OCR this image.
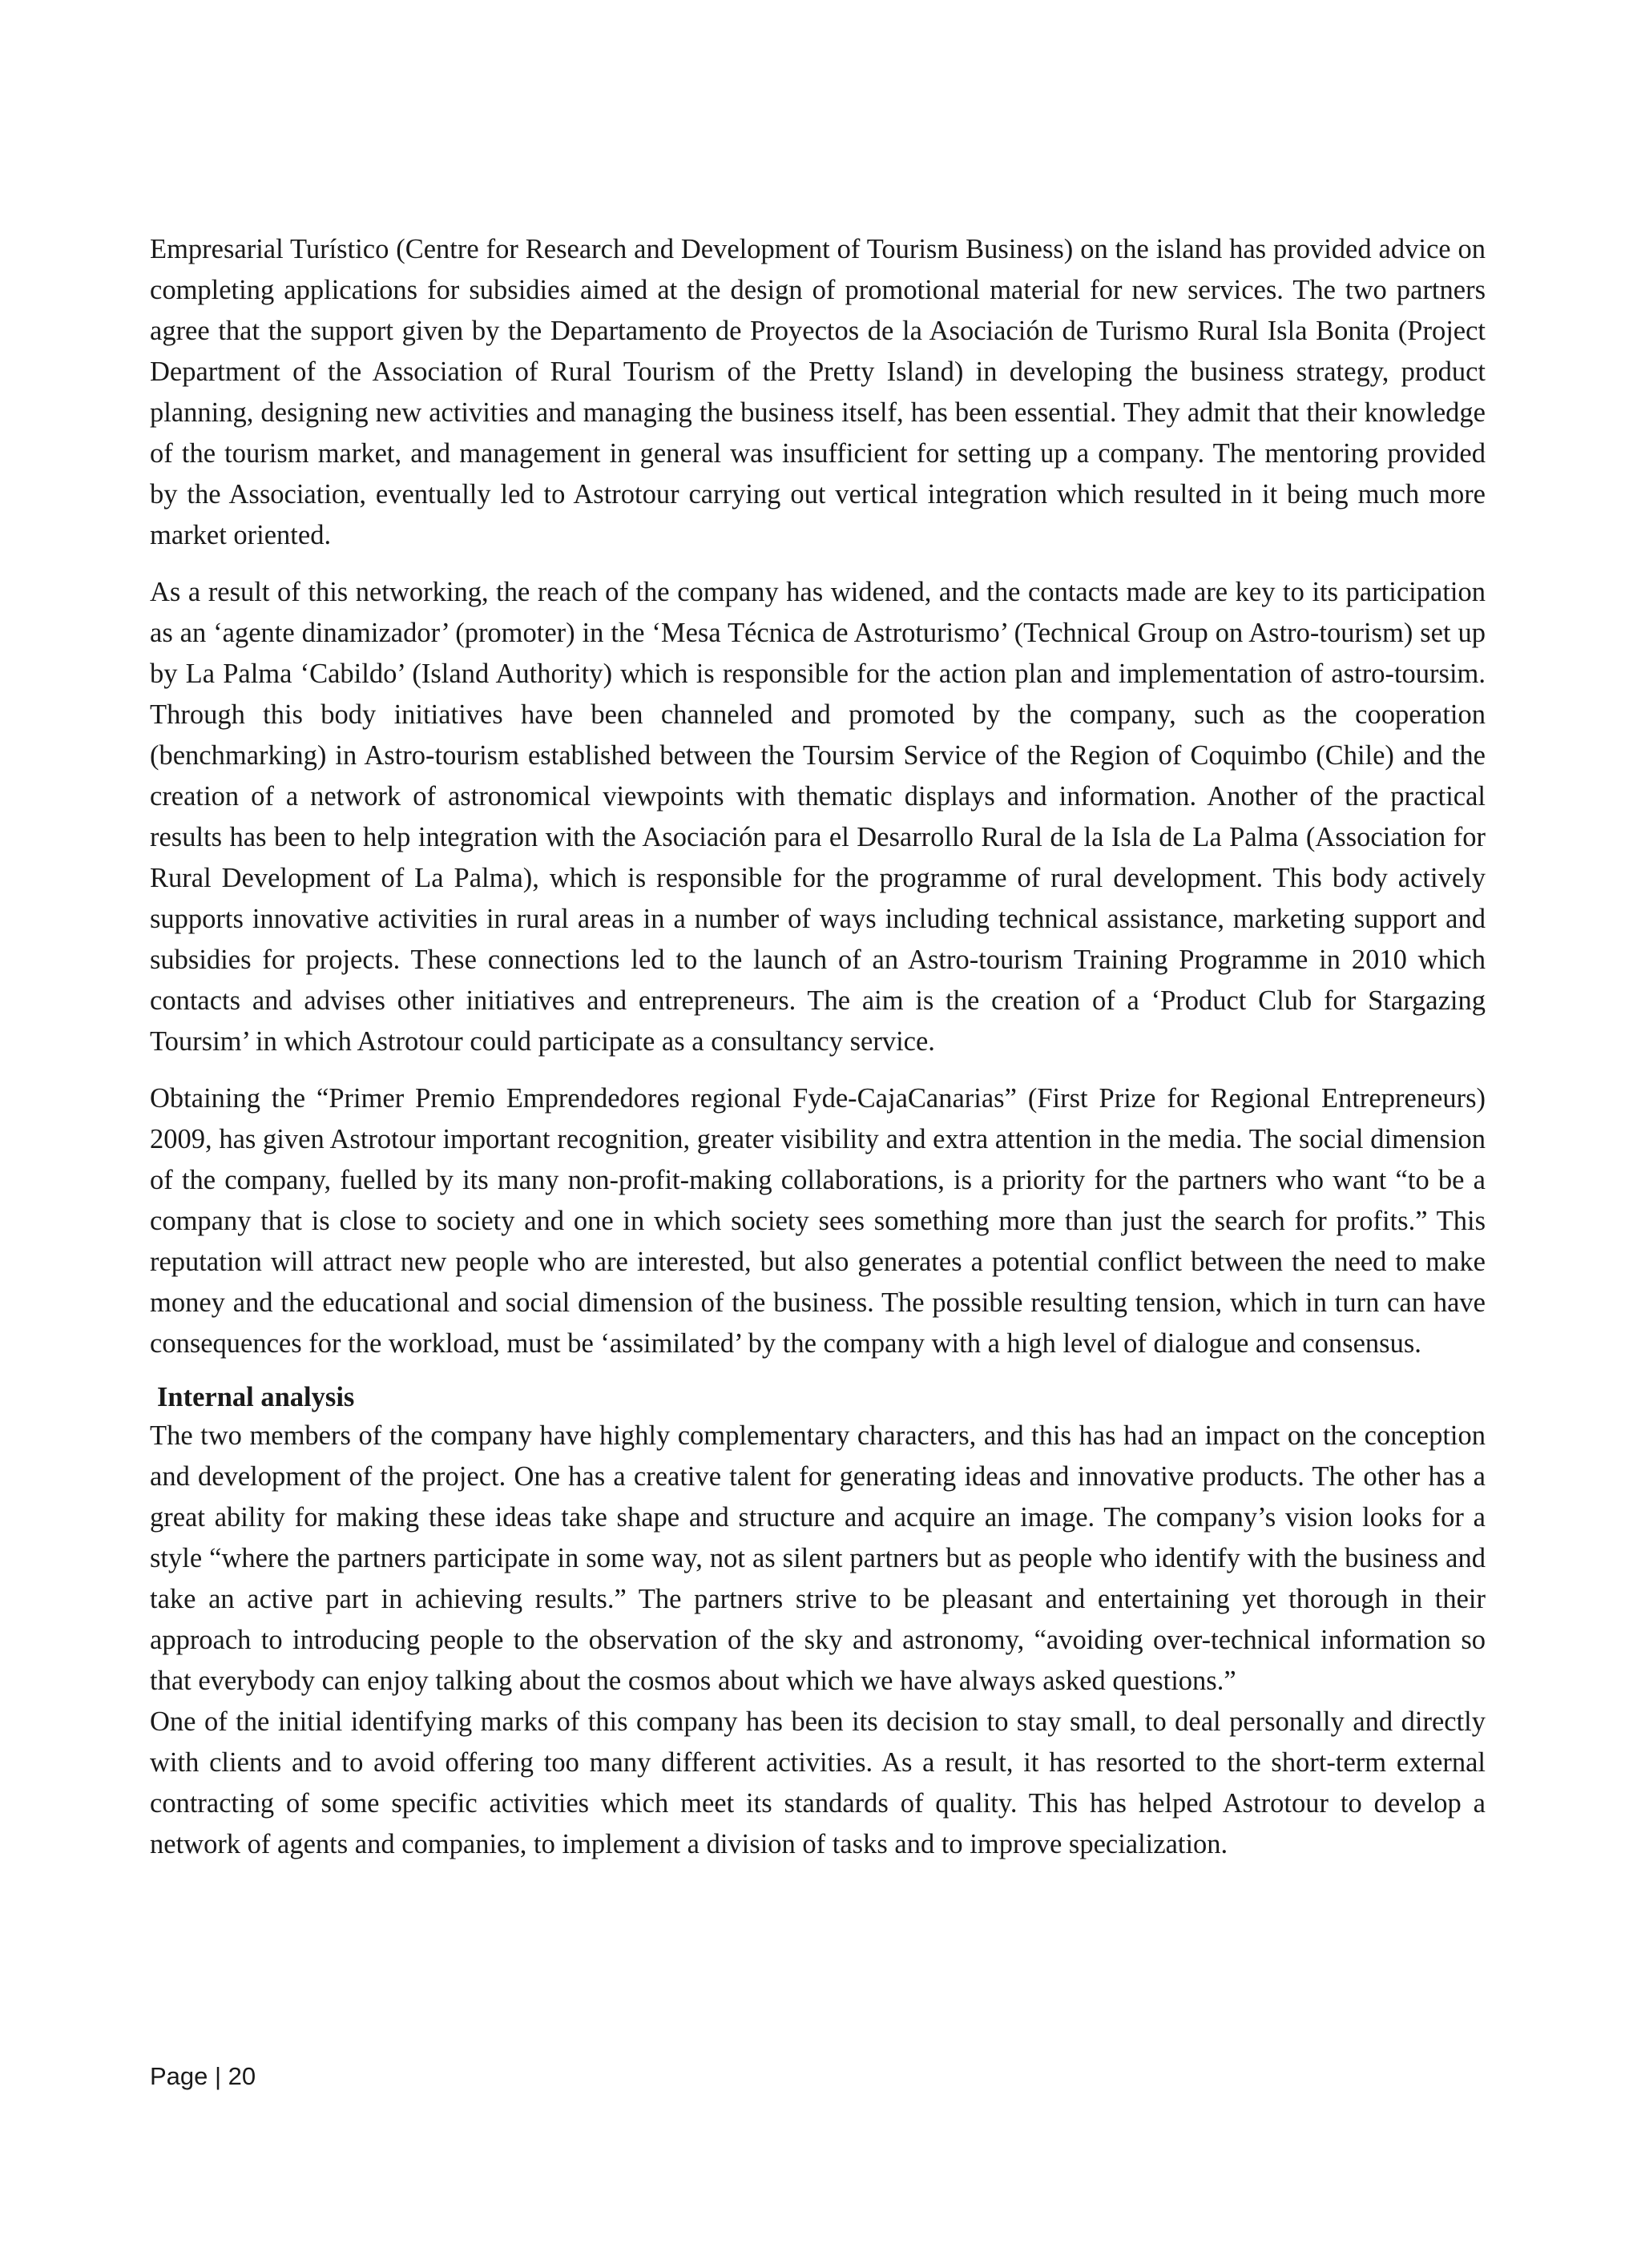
Empresarial Turístico (Centre for Research and Development of Tourism Business) on the island has provided advice on completing applications for subsidies aimed at the design of promotional material for new services. The two partners agree that the support given by the Departamento de Proyectos de la Asociación de Turismo Rural Isla Bonita (Project Department of the Association of Rural Tourism of the Pretty Island) in developing the business strategy, product planning, designing new activities and managing the business itself, has been essential. They admit that their knowledge of the tourism market, and management in general was insufficient for setting up a company. The mentoring provided by the Association, eventually led to Astrotour carrying out vertical integration which resulted in it being much more market oriented.

As a result of this networking, the reach of the company has widened, and the contacts made are key to its participation as an ‘agente dinamizador’ (promoter) in the ‘Mesa Técnica de Astroturismo’ (Technical Group on Astro-tourism) set up by La Palma ‘Cabildo’ (Island Authority) which is responsible for the action plan and implementation of astro-toursim. Through this body initiatives have been channeled and promoted by the company, such as the cooperation (benchmarking) in Astro-tourism established between the Toursim Service of the Region of Coquimbo (Chile) and the creation of a network of astronomical viewpoints with thematic displays and information. Another of the practical results has been to help integration with the Asociación para el Desarrollo Rural de la Isla de La Palma (Association for Rural Development of La Palma), which is responsible for the programme of rural development. This body actively supports innovative activities in rural areas in a number of ways including technical assistance, marketing support and subsidies for projects. These connections led to the launch of an Astro-tourism Training Programme in 2010 which contacts and advises other initiatives and entrepreneurs. The aim is the creation of a ‘Product Club for Stargazing Toursim’ in which Astrotour could participate as a consultancy service.

Obtaining the “Primer Premio Emprendedores regional Fyde-CajaCanarias” (First Prize for Regional Entrepreneurs) 2009, has given Astrotour important recognition, greater visibility and extra attention in the media. The social dimension of the company, fuelled by its many non-profit-making collaborations, is a priority for the partners who want “to be a company that is close to society and one in which society sees something more than just the search for profits.” This reputation will attract new people who are interested, but also generates a potential conflict between the need to make money and the educational and social dimension of the business. The possible resulting tension, which in turn can have consequences for the workload, must be ‘assimilated’ by the company with a high level of dialogue and consensus.

Internal analysis

The two members of the company have highly complementary characters, and this has had an impact on the conception and development of the project. One has a creative talent for generating ideas and innovative products. The other has a great ability for making these ideas take shape and structure and acquire an image. The company’s vision looks for a style “where the partners participate in some way, not as silent partners but as people who identify with the business and take an active part in achieving results.” The partners strive to be pleasant and entertaining yet thorough in their approach to introducing people to the observation of the sky and astronomy, “avoiding over-technical information so that everybody can enjoy talking about the cosmos about which we have always asked questions.”

One of the initial identifying marks of this company has been its decision to stay small, to deal personally and directly with clients and to avoid offering too many different activities. As a result, it has resorted to the short-term external contracting of some specific activities which meet its standards of quality. This has helped Astrotour to develop a network of agents and companies, to implement a division of tasks and to improve specialization.

Page | 20
